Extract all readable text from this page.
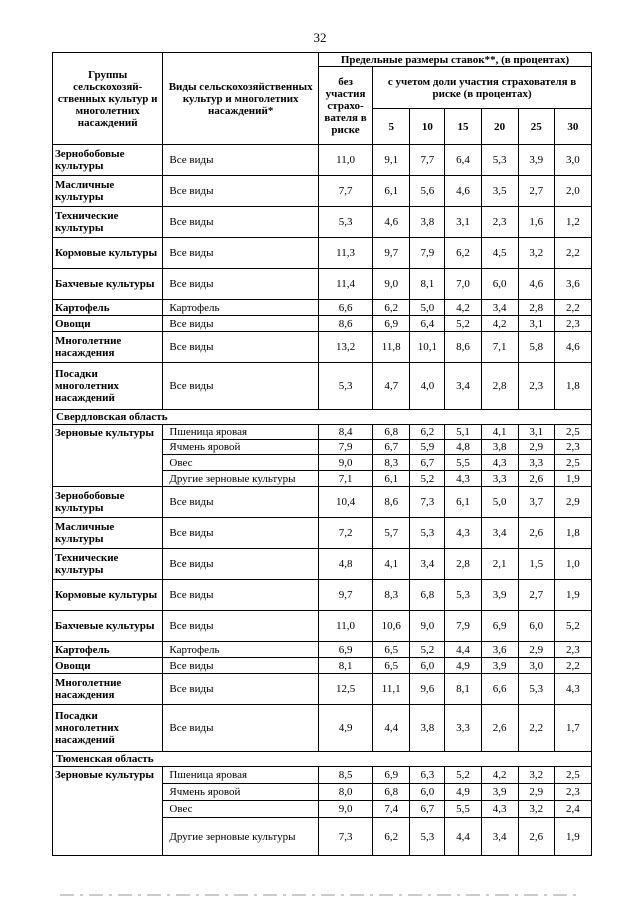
32
Группы сельскохозяй-ственных культур и многолетних насаждений	Виды сельскохозяйственных культур и многолетних насаждений*	Предельные размеры ставок**, (в процентах)						
		без участия страхо-вателя в риске	с учетом доли участия страхователя в риске (в процентах)					
			5	10	15	20	25	30
Зернобобовые культуры	Все виды	11,0	9,1	7,7	6,4	5,3	3,9	3,0
Масличные культуры	Все виды	7,7	6,1	5,6	4,6	3,5	2,7	2,0
Технические культуры	Все виды	5,3	4,6	3,8	3,1	2,3	1,6	1,2
Кормовые культуры	Все виды	11,3	9,7	7,9	6,2	4,5	3,2	2,2
Бахчевые культуры	Все виды	11,4	9,0	8,1	7,0	6,0	4,6	3,6
Картофель	Картофель	6,6	6,2	5,0	4,2	3,4	2,8	2,2
Овощи	Все виды	8,6	6,9	6,4	5,2	4,2	3,1	2,3
Многолетние насаждения	Все виды	13,2	11,8	10,1	8,6	7,1	5,8	4,6
Посадки многолетних насаждений	Все виды	5,3	4,7	4,0	3,4	2,8	2,3	1,8
Свердловская область								
Зерновые культуры	Пшеница яровая	8,4	6,8	6,2	5,1	4,1	3,1	2,5
	Ячмень яровой	7,9	6,7	5,9	4,8	3,8	2,9	2,3
	Овес	9,0	8,3	6,7	5,5	4,3	3,3	2,5
	Другие зерновые культуры	7,1	6,1	5,2	4,3	3,3	2,6	1,9
Зернобобовые культуры	Все виды	10,4	8,6	7,3	6,1	5,0	3,7	2,9
Масличные культуры	Все виды	7,2	5,7	5,3	4,3	3,4	2,6	1,8
Технические культуры	Все виды	4,8	4,1	3,4	2,8	2,1	1,5	1,0
Кормовые культуры	Все виды	9,7	8,3	6,8	5,3	3,9	2,7	1,9
Бахчевые культуры	Все виды	11,0	10,6	9,0	7,9	6,9	6,0	5,2
Картофель	Картофель	6,9	6,5	5,2	4,4	3,6	2,9	2,3
Овощи	Все виды	8,1	6,5	6,0	4,9	3,9	3,0	2,2
Многолетние насаждения	Все виды	12,5	11,1	9,6	8,1	6,6	5,3	4,3
Посадки многолетних насаждений	Все виды	4,9	4,4	3,8	3,3	2,6	2,2	1,7
Тюменская область								
Зерновые культуры	Пшеница яровая	8,5	6,9	6,3	5,2	4,2	3,2	2,5
	Ячмень яровой	8,0	6,8	6,0	4,9	3,9	2,9	2,3
	Овес	9,0	7,4	6,7	5,5	4,3	3,2	2,4
	Другие зерновые культуры	7,3	6,2	5,3	4,4	3,4	2,6	1,9
